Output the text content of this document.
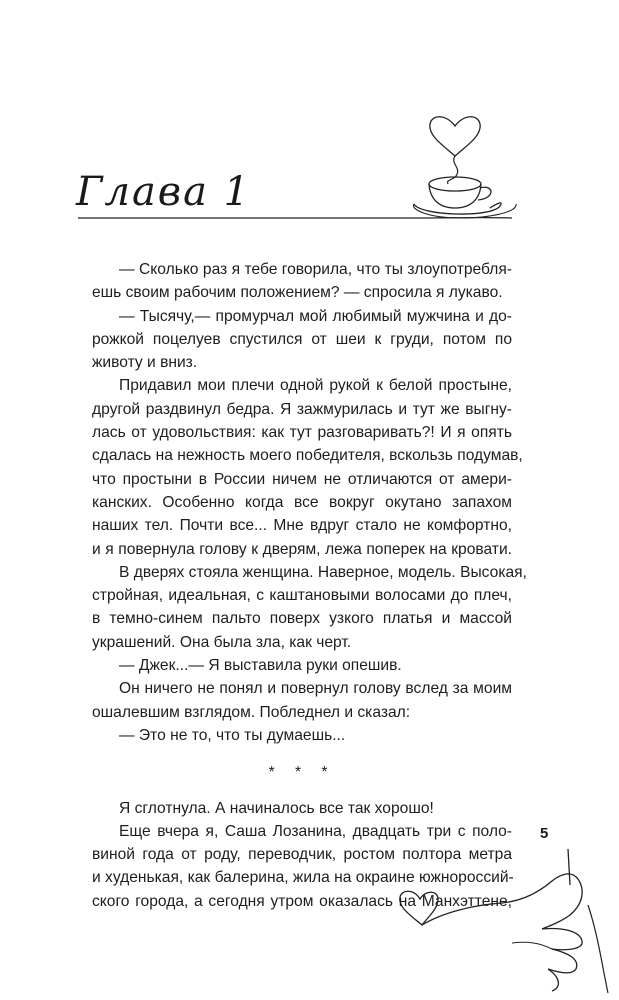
Глава 1
— Сколько раз я тебе говорила, что ты злоупотребля-
ешь своим рабочим положением? — спросила я лукаво.
— Тысячу,— промурчал мой любимый мужчина и до-
рожкой поцелуев спустился от шеи к груди, потом по
животу и вниз.
Придавил мои плечи одной рукой к белой простыне,
другой раздвинул бедра. Я зажмурилась и тут же выгну-
лась от удовольствия: как тут разговаривать?! И я опять
сдалась на нежность моего победителя, вскользь подумав,
что простыни в России ничем не отличаются от амери-
канских. Особенно когда все вокруг окутано запахом
наших тел. Почти все... Мне вдруг стало не комфортно,
и я повернула голову к дверям, лежа поперек на кровати.
В дверях стояла женщина. Наверное, модель. Высокая,
стройная, идеальная, с каштановыми волосами до плеч,
в темно-синем пальто поверх узкого платья и массой
украшений. Она была зла, как черт.
— Джек...— Я выставила руки опешив.
Он ничего не понял и повернул голову вслед за моим
ошалевшим взглядом. Побледнел и сказал:
— Это не то, что ты думаешь...
* * *
Я сглотнула. А начиналось все так хорошо!
Еще вчера я, Саша Лозанина, двадцать три с поло-
виной года от роду, переводчик, ростом полтора метра
и худенькая, как балерина, жила на окраине южнороссий-
ского города, а сегодня утром оказалась на Манхэттене,
5
